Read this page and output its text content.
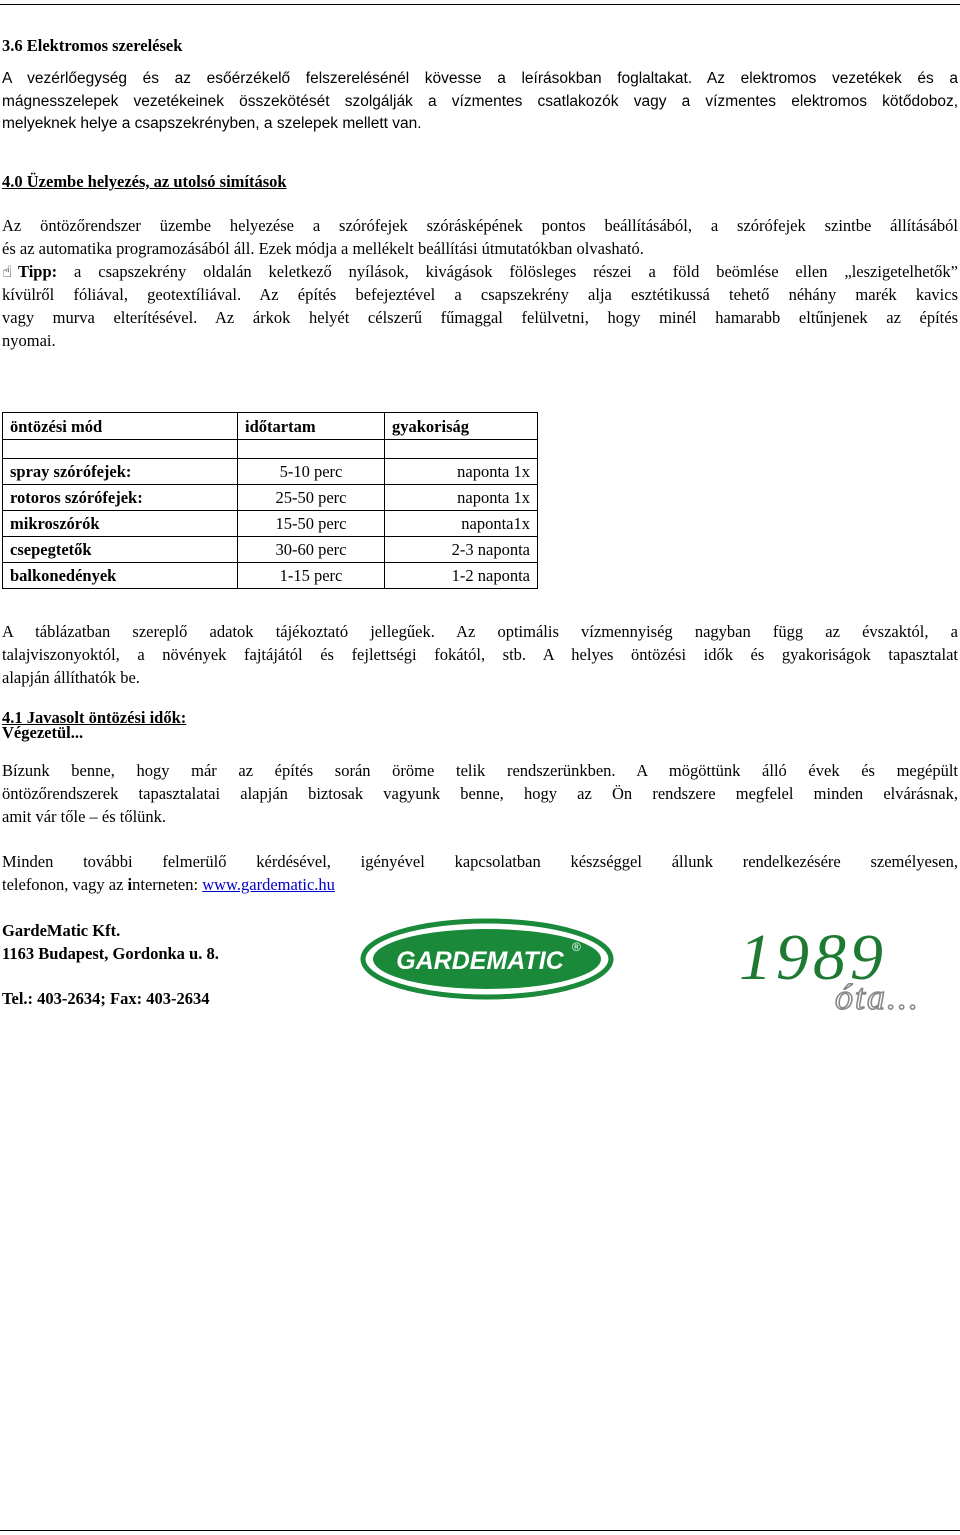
3.6 Elektromos szerelések
A vezérlőegység és az esőérzékelő felszerelésénél kövesse a leírásokban foglaltakat. Az elektromos vezetékek és a
mágnesszelepek vezetékeinek összekötését szolgálják a vízmentes csatlakozók vagy a vízmentes elektromos kötődoboz,
melyeknek helye a csapszekrényben, a szelepek mellett van.
4.0 Üzembe helyezés, az utolsó simítások
Az öntözőrendszer üzembe helyezése a szórófejek szórásképének pontos beállításából, a szórófejek szintbe állításából
és az automatika programozásából áll. Ezek módja a mellékelt beállítási útmutatókban olvasható.
☝ Tipp: a csapszekrény oldalán keletkező nyílások, kivágások fölösleges részei a föld beömlése ellen „leszigetelhetők”
kívülről fóliával, geotextíliával. Az építés befejeztével a csapszekrény alja esztétikussá tehető néhány marék kavics
vagy murva elterítésével. Az árkok helyét célszerű fűmaggal felülvetni, hogy minél hamarabb eltűnjenek az építés
nyomai.
4.1 Javasolt öntözési idők:
öntözési mód	időtartam	gyakoriság

spray szórófejek:	5-10 perc	naponta 1x
rotoros szórófejek:	25-50 perc	naponta 1x
mikroszórók	15-50 perc	naponta1x
csepegtetők	30-60 perc	2-3 naponta
balkonedények	1-15 perc	1-2 naponta
A táblázatban szereplő adatok tájékoztató jellegűek. Az optimális vízmennyiség nagyban függ az évszaktól, a
talajviszonyoktól, a növények fajtájától és fejlettségi fokától, stb. A helyes öntözési idők és gyakoriságok tapasztalat
alapján állíthatók be.
Végezetül...
Bízunk benne, hogy már az építés során öröme telik rendszerünkben. A mögöttünk álló évek és megépült
öntözőrendszerek tapasztalatai alapján biztosak vagyunk benne, hogy az Ön rendszere megfelel minden elvárásnak,
amit vár tőle – és tőlünk.
Minden további felmerülő kérdésével, igényével kapcsolatban készséggel állunk rendelkezésére személyesen,
telefonon, vagy az interneten: www.gardematic.hu
GardeMatic Kft.
1163 Budapest, Gordonka u. 8.
Tel.: 403-2634; Fax: 403-2634
GARDEMATIC ® 1989
óta...
